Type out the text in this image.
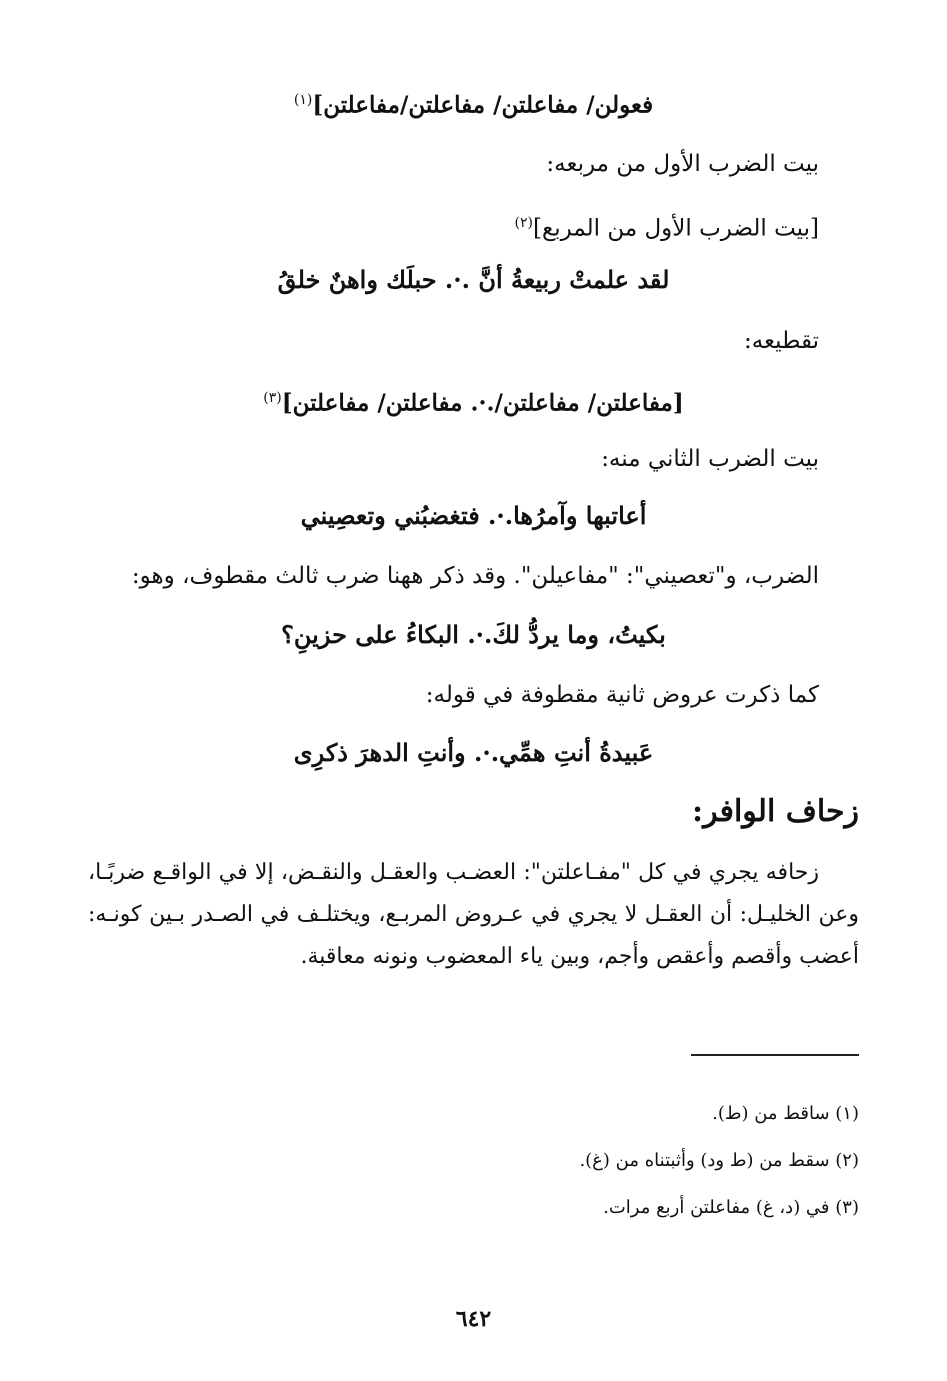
فعولن/ مفاعلتن/ مفاعلتن/مفاعلتن]$^{(١)}$
بيت الضرب الأول من مربعه:
[بيت الضرب الأول من المربع]$^{(٢)}$
لقد علمتْ ربيعةُ أنَّ .·. حبلَك واهنٌ خلقُ
تقطيعه:
[مفاعلتن/ مفاعلتن/.·. مفاعلتن/ مفاعلتن]$^{(٣)}$
بيت الضرب الثاني منه:
أعاتبها وآمرُها.·. فتغضبُني وتعصِيني
الضرب، و"تعصيني": "مفاعيلن". وقد ذكر ههنا ضرب ثالث مقطوف، وهو:
بكيتُ، وما يردُّ لكَ.·. البكاءُ على حزينِ؟
كما ذكرت عروض ثانية مقطوفة في قوله:
عَبيدةُ أنتِ همِّي.·. وأنتِ الدهرَ ذكرِى
زحاف الوافر:
زحافه يجري في كل "مفـاعلتن": العضـب والعقـل والنقـض، إلا في الواقـع ضربًـا،
وعن الخليـل: أن العقـل لا يجري في عـروض المربـع، ويختلـف في الصـدر بـين كونـه:
أعضب وأقصم وأعقص وأجم، وبين ياء المعضوب ونونه معاقبة.
(١) ساقط من (ط).
(٢) سقط من (ط ود) وأثبتناه من (غ).
(٣) في (د، غ) مفاعلتن أربع مرات.
٦٤٢
